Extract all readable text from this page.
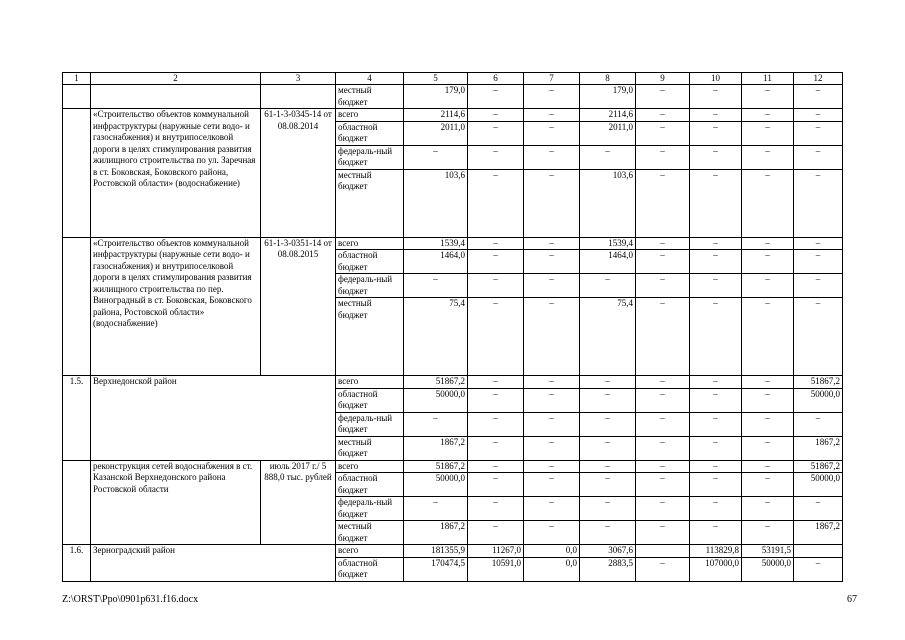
1	2	3	4	5	6	7	8	9	10	11	12
			местный бюджет	179,0	–	–	179,0	–	–	–	–
	«Строительство объектов коммунальной инфраструктуры (наружные сети водо- и газоснабжения) и внутрипоселковой дороги в целях стимулирования развития жилищного строительства по ул. Заречная в ст. Боковская, Боковского района, Ростовской области» (водоснабжение)	61-1-3-0345-14 от 08.08.2014	всего	2114,6	–	–	2114,6	–	–	–	–
			областной бюджет	2011,0	–	–	2011,0	–	–	–	–
			федераль-ный бюджет	–	–	–	–	–	–	–	–
			местный бюджет	103,6	–	–	103,6	–	–	–	–
	«Строительство объектов коммунальной инфраструктуры (наружные сети водо- и газоснабжения) и внутрипоселковой дороги в целях стимулирования развития жилищного строительства по пер. Виноградный в ст. Боковская, Боковского района, Ростовской области» (водоснабжение)	61-1-3-0351-14 от 08.08.2015	всего	1539,4	–	–	1539,4	–	–	–	–
			областной бюджет	1464,0	–	–	1464,0	–	–	–	–
			федераль-ный бюджет	–	–	–	–	–	–	–	–
			местный бюджет	75,4	–	–	75,4	–	–	–	–
1.5.	Верхнедонской район		всего	51867,2	–	–	–	–	–	–	51867,2
			областной бюджет	50000,0	–	–	–	–	–	–	50000,0
			федераль-ный бюджет	–	–	–	–	–	–	–	–
			местный бюджет	1867,2	–	–	–	–	–	–	1867,2
	реконструкция сетей водоснабжения в ст. Казанской Верхнедонского района Ростовской области	июль 2017 г./ 5 888,0 тыс. рублей	всего	51867,2	–	–	–	–	–	–	51867,2
			областной бюджет	50000,0	–	–	–	–	–	–	50000,0
			федераль-ный бюджет	–	–	–	–	–	–	–	–
			местный бюджет	1867,2	–	–	–	–	–	–	1867,2
1.6.	Зерноградский район		всего	181355,9	11267,0	0,0	3067,6		113829,8	53191,5	
			областной бюджет	170474,5	10591,0	0,0	2883,5	–	107000,0	50000,0	–
Z:\ORST\Ppo\0901p631.f16.docx	67
